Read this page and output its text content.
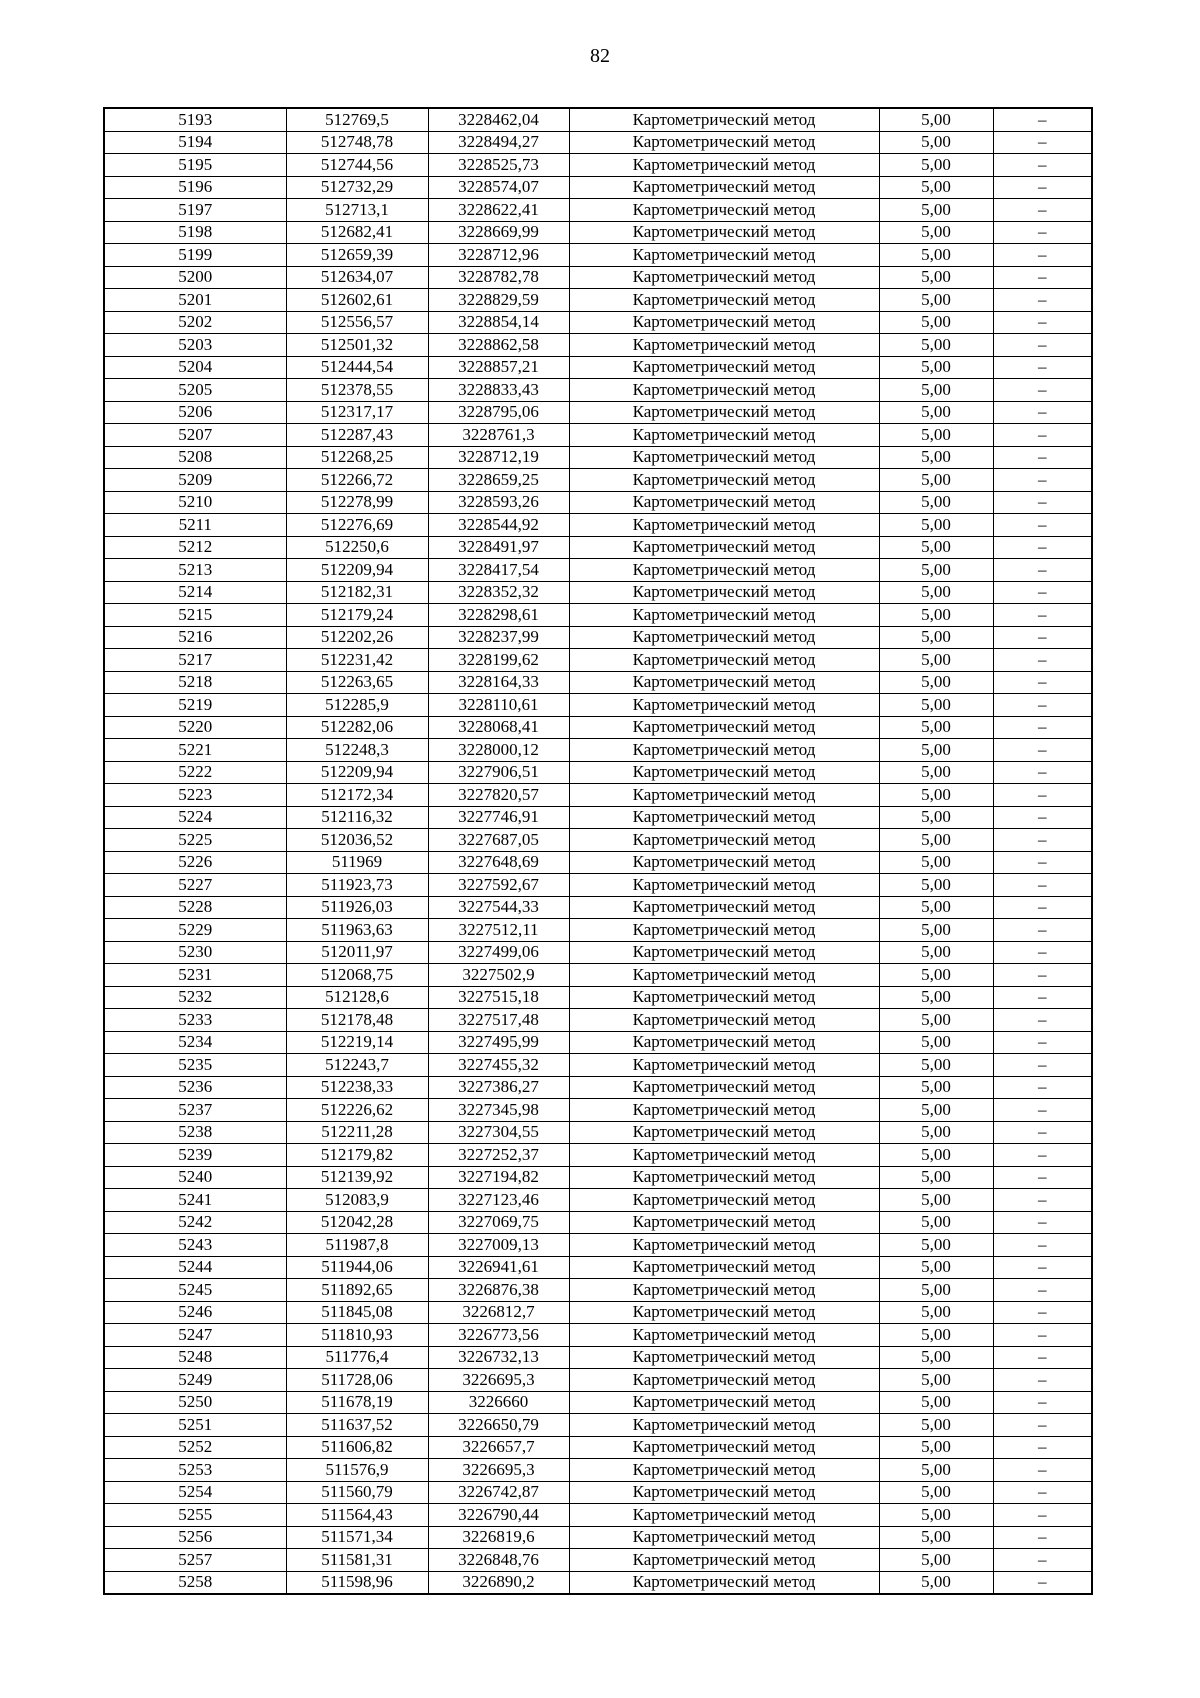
82
5193	512769,5	3228462,04	Картометрический метод	5,00	–
5194	512748,78	3228494,27	Картометрический метод	5,00	–
5195	512744,56	3228525,73	Картометрический метод	5,00	–
5196	512732,29	3228574,07	Картометрический метод	5,00	–
5197	512713,1	3228622,41	Картометрический метод	5,00	–
5198	512682,41	3228669,99	Картометрический метод	5,00	–
5199	512659,39	3228712,96	Картометрический метод	5,00	–
5200	512634,07	3228782,78	Картометрический метод	5,00	–
5201	512602,61	3228829,59	Картометрический метод	5,00	–
5202	512556,57	3228854,14	Картометрический метод	5,00	–
5203	512501,32	3228862,58	Картометрический метод	5,00	–
5204	512444,54	3228857,21	Картометрический метод	5,00	–
5205	512378,55	3228833,43	Картометрический метод	5,00	–
5206	512317,17	3228795,06	Картометрический метод	5,00	–
5207	512287,43	3228761,3	Картометрический метод	5,00	–
5208	512268,25	3228712,19	Картометрический метод	5,00	–
5209	512266,72	3228659,25	Картометрический метод	5,00	–
5210	512278,99	3228593,26	Картометрический метод	5,00	–
5211	512276,69	3228544,92	Картометрический метод	5,00	–
5212	512250,6	3228491,97	Картометрический метод	5,00	–
5213	512209,94	3228417,54	Картометрический метод	5,00	–
5214	512182,31	3228352,32	Картометрический метод	5,00	–
5215	512179,24	3228298,61	Картометрический метод	5,00	–
5216	512202,26	3228237,99	Картометрический метод	5,00	–
5217	512231,42	3228199,62	Картометрический метод	5,00	–
5218	512263,65	3228164,33	Картометрический метод	5,00	–
5219	512285,9	3228110,61	Картометрический метод	5,00	–
5220	512282,06	3228068,41	Картометрический метод	5,00	–
5221	512248,3	3228000,12	Картометрический метод	5,00	–
5222	512209,94	3227906,51	Картометрический метод	5,00	–
5223	512172,34	3227820,57	Картометрический метод	5,00	–
5224	512116,32	3227746,91	Картометрический метод	5,00	–
5225	512036,52	3227687,05	Картометрический метод	5,00	–
5226	511969	3227648,69	Картометрический метод	5,00	–
5227	511923,73	3227592,67	Картометрический метод	5,00	–
5228	511926,03	3227544,33	Картометрический метод	5,00	–
5229	511963,63	3227512,11	Картометрический метод	5,00	–
5230	512011,97	3227499,06	Картометрический метод	5,00	–
5231	512068,75	3227502,9	Картометрический метод	5,00	–
5232	512128,6	3227515,18	Картометрический метод	5,00	–
5233	512178,48	3227517,48	Картометрический метод	5,00	–
5234	512219,14	3227495,99	Картометрический метод	5,00	–
5235	512243,7	3227455,32	Картометрический метод	5,00	–
5236	512238,33	3227386,27	Картометрический метод	5,00	–
5237	512226,62	3227345,98	Картометрический метод	5,00	–
5238	512211,28	3227304,55	Картометрический метод	5,00	–
5239	512179,82	3227252,37	Картометрический метод	5,00	–
5240	512139,92	3227194,82	Картометрический метод	5,00	–
5241	512083,9	3227123,46	Картометрический метод	5,00	–
5242	512042,28	3227069,75	Картометрический метод	5,00	–
5243	511987,8	3227009,13	Картометрический метод	5,00	–
5244	511944,06	3226941,61	Картометрический метод	5,00	–
5245	511892,65	3226876,38	Картометрический метод	5,00	–
5246	511845,08	3226812,7	Картометрический метод	5,00	–
5247	511810,93	3226773,56	Картометрический метод	5,00	–
5248	511776,4	3226732,13	Картометрический метод	5,00	–
5249	511728,06	3226695,3	Картометрический метод	5,00	–
5250	511678,19	3226660	Картометрический метод	5,00	–
5251	511637,52	3226650,79	Картометрический метод	5,00	–
5252	511606,82	3226657,7	Картометрический метод	5,00	–
5253	511576,9	3226695,3	Картометрический метод	5,00	–
5254	511560,79	3226742,87	Картометрический метод	5,00	–
5255	511564,43	3226790,44	Картометрический метод	5,00	–
5256	511571,34	3226819,6	Картометрический метод	5,00	–
5257	511581,31	3226848,76	Картометрический метод	5,00	–
5258	511598,96	3226890,2	Картометрический метод	5,00	–
